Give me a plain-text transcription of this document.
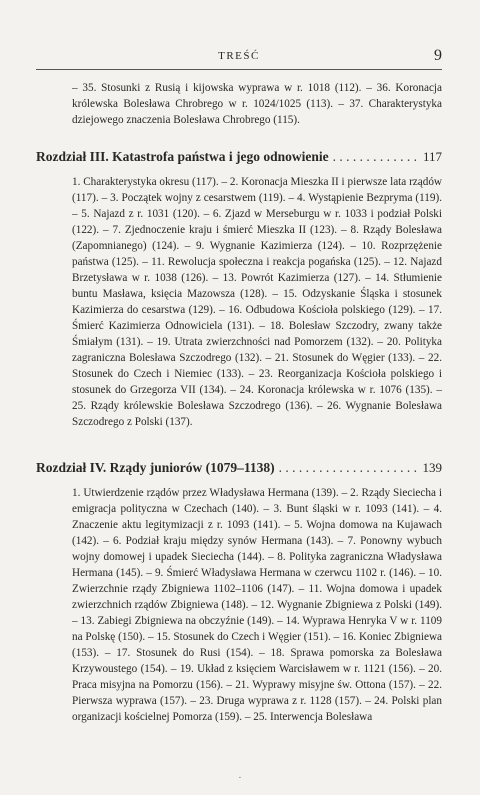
TREŚĆ	9
– 35. Stosunki z Rusią i kijowska wyprawa w r. 1018 (112). – 36. Koronacja królewska Bolesława Chrobrego w r. 1024/1025 (113). – 37. Charakterystyka dziejowego znaczenia Bolesława Chrobrego (115).
Rozdział III. Katastrofa państwa i jego odnowienie . . .	117
1. Charakterystyka okresu (117). – 2. Koronacja Mieszka II i pierwsze lata rządów (117). – 3. Początek wojny z cesarstwem (119). – 4. Wystąpienie Bezpryma (119). – 5. Najazd z r. 1031 (120). – 6. Zjazd w Merseburgu w r. 1033 i podział Polski (122). – 7. Zjednoczenie kraju i śmierć Mieszka II (123). – 8. Rządy Bolesława (Zapomnianego) (124). – 9. Wygnanie Kazimierza (124). – 10. Rozprzężenie państwa (125). – 11. Rewolucja społeczna i reakcja pogańska (125). – 12. Najazd Brzetysława w r. 1038 (126). – 13. Powrót Kazimierza (127). – 14. Stłumienie buntu Masława, księcia Mazowsza (128). – 15. Odzyskanie Śląska i stosunek Kazimierza do cesarstwa (129). – 16. Odbudowa Kościoła polskiego (129). – 17. Śmierć Kazimierza Odnowiciela (131). – 18. Bolesław Szczodry, zwany także Śmiałym (131). – 19. Utrata zwierzchności nad Pomorzem (132). – 20. Polityka zagraniczna Bolesława Szczodrego (132). – 21. Stosunek do Węgier (133). – 22. Stosunek do Czech i Niemiec (133). – 23. Reorganizacja Kościoła polskiego i stosunek do Grzegorza VII (134). – 24. Koronacja królewska w r. 1076 (135). – 25. Rządy królewskie Bolesława Szczodrego (136). – 26. Wygnanie Bolesława Szczodrego z Polski (137).
Rozdział IV. Rządy juniorów (1079–1138) . . .	139
1. Utwierdzenie rządów przez Władysława Hermana (139). – 2. Rządy Sieciecha i emigracja polityczna w Czechach (140). – 3. Bunt śląski w r. 1093 (141). – 4. Znaczenie aktu legitymizacji z r. 1093 (141). – 5. Wojna domowa na Kujawach (142). – 6. Podział kraju między synów Hermana (143). – 7. Ponowny wybuch wojny domowej i upadek Sieciecha (144). – 8. Polityka zagraniczna Władysława Hermana (145). – 9. Śmierć Władysława Hermana w czerwcu 1102 r. (146). – 10. Zwierzchnie rządy Zbigniewa 1102–1106 (147). – 11. Wojna domowa i upadek zwierzchnich rządów Zbigniewa (148). – 12. Wygnanie Zbigniewa z Polski (149). – 13. Zabiegi Zbigniewa na obczyźnie (149). – 14. Wyprawa Henryka V w r. 1109 na Polskę (150). – 15. Stosunek do Czech i Węgier (151). – 16. Koniec Zbigniewa (153). – 17. Stosunek do Rusi (154). – 18. Sprawa pomorska za Bolesława Krzywoustego (154). – 19. Układ z księciem Warcisławem w r. 1121 (156). – 20. Praca misyjna na Pomorzu (156). – 21. Wyprawy misyjne św. Ottona (157). – 22. Pierwsza wyprawa (157). – 23. Druga wyprawa z r. 1128 (157). – 24. Polski plan organizacji kościelnej Pomorza (159). – 25. Interwencja Bolesława
·
